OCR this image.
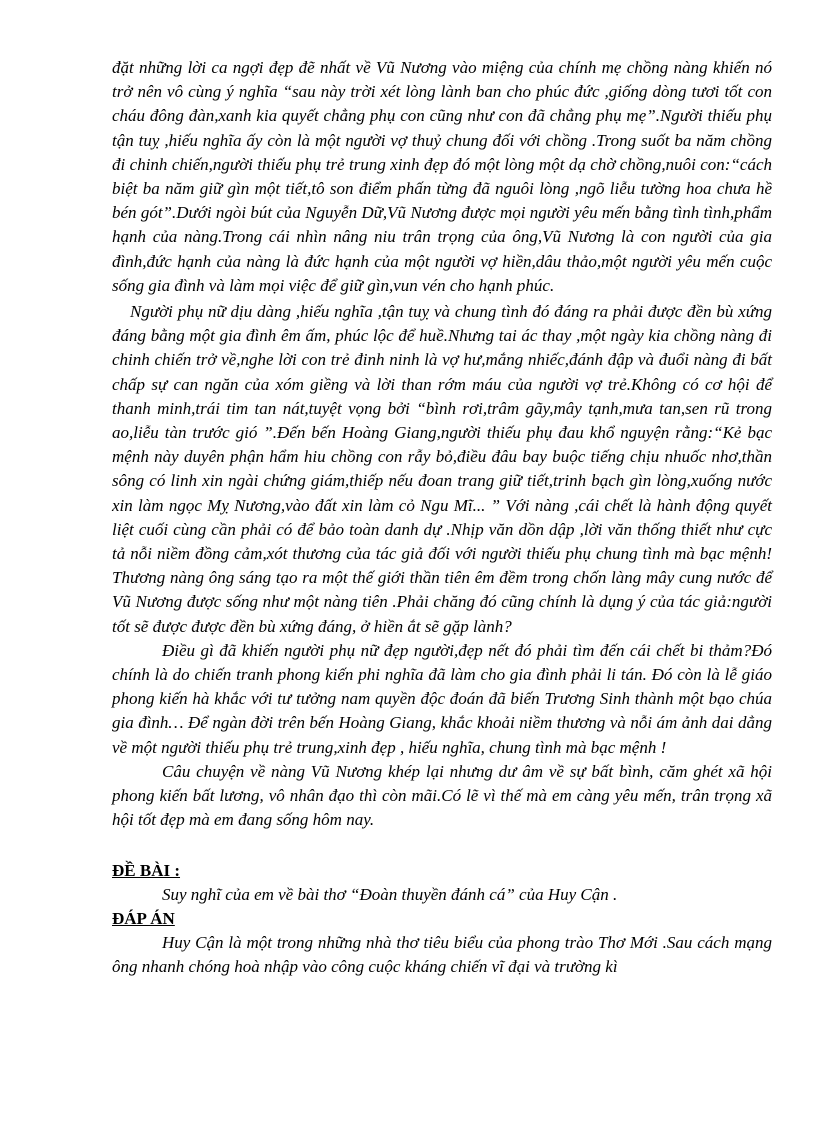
đặt những lời ca ngợi đẹp đẽ nhất về Vũ Nương vào miệng của chính mẹ chồng nàng khiến nó trở nên vô cùng ý nghĩa “sau này trời xét lòng lành ban cho phúc đức ,giống dòng tươi tốt con cháu đông đàn,xanh kia quyết chẳng phụ con cũng như con đã chẳng phụ mẹ”.Người thiếu phụ tận tuỵ ,hiếu nghĩa ấy còn là một người vợ thuỷ chung đối với chồng .Trong suốt ba năm chồng đi chinh chiến,người thiếu phụ trẻ trung xinh đẹp đó một lòng một dạ chờ chồng,nuôi con:“cách biệt ba năm giữ gìn một tiết,tô son điểm phấn từng đã nguôi lòng ,ngõ liễu tường hoa chưa hề bén gót”.Dưới ngòi bút của Nguyễn Dữ,Vũ Nương được mọi người yêu mến bằng tình tình,phẩm hạnh của nàng.Trong cái nhìn nâng niu trân trọng của ông,Vũ Nương là con người của gia đình,đức hạnh của nàng là đức hạnh của một người vợ hiền,dâu thảo,một người yêu mến cuộc sống gia đình và làm mọi việc để giữ gìn,vun vén cho hạnh phúc.

Người phụ nữ dịu dàng ,hiếu nghĩa ,tận tuỵ và chung tình đó đáng ra phải được đền bù xứng đáng bằng một gia đình êm ấm, phúc lộc để huề.Nhưng tai ác thay ,một ngày kia chồng nàng đi chinh chiến trở về,nghe lời con trẻ đinh ninh là vợ hư,mắng nhiếc,đánh đập và đuổi nàng đi bất chấp sự can ngăn của xóm giềng và lời than rớm máu của người vợ trẻ.Không có cơ hội để thanh minh,trái tim tan nát,tuyệt vọng bởi “bình rơi,trâm gãy,mây tạnh,mưa tan,sen rũ trong ao,liễu tàn trước gió ”.Đến bến Hoàng Giang,người thiếu phụ đau khổ nguyện rằng:“Kẻ bạc mệnh này duyên phận hẩm hiu chồng con rẫy bỏ,điều đâu bay buộc tiếng chịu nhuốc nhơ,thần sông có linh xin ngài chứng giám,thiếp nếu đoan trang giữ tiết,trinh bạch gìn lòng,xuống nước xin làm ngọc Mỵ Nương,vào đất xin làm cỏ Ngu Mĩ... ” Với nàng ,cái chết là hành động quyết liệt cuối cùng cần phải có để bảo toàn danh dự .Nhịp văn dồn dập ,lời văn thống thiết như cực tả nỗi niềm đồng cảm,xót thương của tác giả đối với người thiếu phụ chung tình mà bạc mệnh! Thương nàng ông sáng tạo ra một thế giới thần tiên êm đềm trong chốn làng mây cung nước để Vũ Nương được sống như một nàng tiên .Phải chăng đó cũng chính là dụng ý của tác giả:người tốt sẽ được được đền bù xứng đáng, ở hiền ắt sẽ gặp lành?

Điều gì đã khiến người phụ nữ đẹp người,đẹp nết đó phải tìm đến cái chết bi thảm?Đó chính là do chiến tranh phong kiến phi nghĩa đã làm cho gia đình phải li tán. Đó còn là lễ giáo phong kiến hà khắc với tư tưởng nam quyền độc đoán đã biến Trương Sinh thành một bạo chúa gia đình… Để ngàn đời trên bến Hoàng Giang, khắc khoải niềm thương và nỗi ám ảnh dai dẳng về một người thiếu phụ trẻ trung,xinh đẹp , hiếu nghĩa, chung tình mà bạc mệnh !

Câu chuyện về nàng Vũ Nương khép lại nhưng dư âm về sự bất bình, căm ghét xã hội phong kiến bất lương, vô nhân đạo thì còn mãi.Có lẽ vì thế mà em càng yêu mến, trân trọng xã hội tốt đẹp mà em đang sống hôm nay.

ĐỀ BÀI :

Suy nghĩ của em về bài thơ “Đoàn thuyền đánh cá” của Huy Cận .

ĐÁP ÁN

Huy Cận là một trong những nhà thơ tiêu biểu của phong trào Thơ Mới .Sau cách mạng ông nhanh chóng hoà nhập vào công cuộc kháng chiến vĩ đại và trường kì
